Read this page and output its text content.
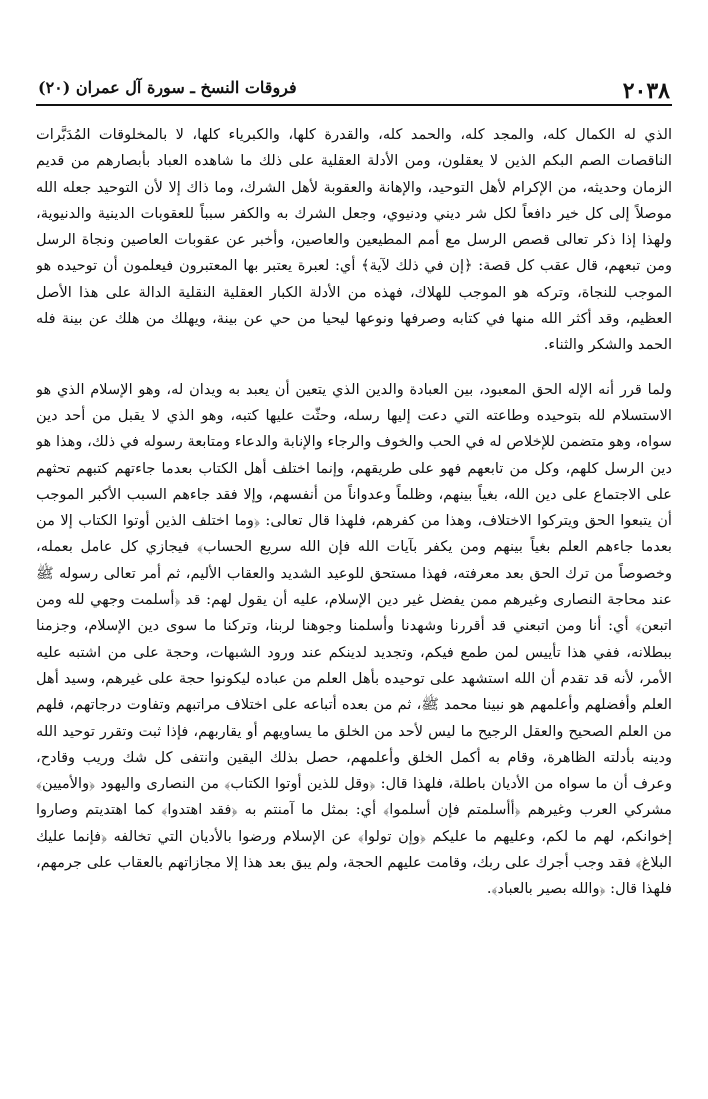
٢٠٣٨
فروقات النسخ ـ سورة آل عمران (٢٠)

الذي له الكمال كله، والمجد كله، والحمد كله، والقدرة كلها، والكبرياء كلها، لا بالمخلوقات المُدَبَّرات الناقصات الصم البكم الذين لا يعقلون، ومن الأدلة العقلية على ذلك ما شاهده العباد بأبصارهم من قديم الزمان وحديثه، من الإكرام لأهل التوحيد، والإهانة والعقوبة لأهل الشرك، وما ذاك إلا لأن التوحيد جعله الله موصلاً إلى كل خير دافعاً لكل شر ديني ودنيوي، وجعل الشرك به والكفر سبباً للعقوبات الدينية والدنيوية، ولهذا إذا ذكر تعالى قصص الرسل مع أمم المطيعين والعاصين، وأخبر عن عقوبات العاصين ونجاة الرسل ومن تبعهم، قال عقب كل قصة: ﴿إن في ذلك لآية﴾ أي: لعبرة يعتبر بها المعتبرون فيعلمون أن توحيده هو الموجب للنجاة، وتركه هو الموجب للهلاك، فهذه من الأدلة الكبار العقلية النقلية الدالة على هذا الأصل العظيم، وقد أكثر الله منها في كتابه وصرفها ونوعها ليحيا من حي عن بينة، ويهلك من هلك عن بينة فله الحمد والشكر والثناء.

ولما قرر أنه الإله الحق المعبود، بين العبادة والدين الذي يتعين أن يعبد به ويدان له، وهو الإسلام الذي هو الاستسلام لله بتوحيده وطاعته التي دعت إليها رسله، وحثّت عليها كتبه، وهو الذي لا يقبل من أحد دين سواه، وهو متضمن للإخلاص له في الحب والخوف والرجاء والإنابة والدعاء ومتابعة رسوله في ذلك، وهذا هو دين الرسل كلهم، وكل من تابعهم فهو على طريقهم، وإنما اختلف أهل الكتاب بعدما جاءتهم كتبهم تحثهم على الاجتماع على دين الله، بغياً بينهم، وظلماً وعدواناً من أنفسهم، وإلا فقد جاءهم السبب الأكبر الموجب أن يتبعوا الحق ويتركوا الاختلاف، وهذا من كفرهم، فلهذا قال تعالى: ﴿وما اختلف الذين أوتوا الكتاب إلا من بعدما جاءهم العلم بغياً بينهم ومن يكفر بآيات الله فإن الله سريع الحساب﴾ فيجازي كل عامل بعمله، وخصوصاً من ترك الحق بعد معرفته، فهذا مستحق للوعيد الشديد والعقاب الأليم، ثم أمر تعالى رسوله ﷺ عند محاجة النصارى وغيرهم ممن يفضل غير دين الإسلام، عليه أن يقول لهم: قد ﴿أسلمت وجهي لله ومن اتبعن﴾ أي: أنا ومن اتبعني قد أقررنا وشهدنا وأسلمنا وجوهنا لربنا، وتركنا ما سوى دين الإسلام، وجزمنا ببطلانه، ففي هذا تأييس لمن طمع فيكم، وتجديد لدينكم عند ورود الشبهات، وحجة على من اشتبه عليه الأمر، لأنه قد تقدم أن الله استشهد على توحيده بأهل العلم من عباده ليكونوا حجة على غيرهم، وسيد أهل العلم وأفضلهم وأعلمهم هو نبينا محمد ﷺ، ثم من بعده أتباعه على اختلاف مراتبهم وتفاوت درجاتهم، فلهم من العلم الصحيح والعقل الرجيح ما ليس لأحد من الخلق ما يساويهم أو يقاربهم، فإذا ثبت وتقرر توحيد الله ودينه بأدلته الظاهرة، وقام به أكمل الخلق وأعلمهم، حصل بذلك اليقين وانتفى كل شك وريب وقادح، وعرف أن ما سواه من الأديان باطلة، فلهذا قال: ﴿وقل للذين أوتوا الكتاب﴾ من النصارى واليهود ﴿والأميين﴾ مشركي العرب وغيرهم ﴿أأسلمتم فإن أسلموا﴾ أي: بمثل ما آمنتم به ﴿فقد اهتدوا﴾ كما اهتديتم وصاروا إخوانكم، لهم ما لكم، وعليهم ما عليكم ﴿وإن تولوا﴾ عن الإسلام ورضوا بالأديان التي تخالفه ﴿فإنما عليك البلاغ﴾ فقد وجب أجرك على ربك، وقامت عليهم الحجة، ولم يبق بعد هذا إلا مجازاتهم بالعقاب على جرمهم، فلهذا قال: ﴿والله بصير بالعباد﴾.
